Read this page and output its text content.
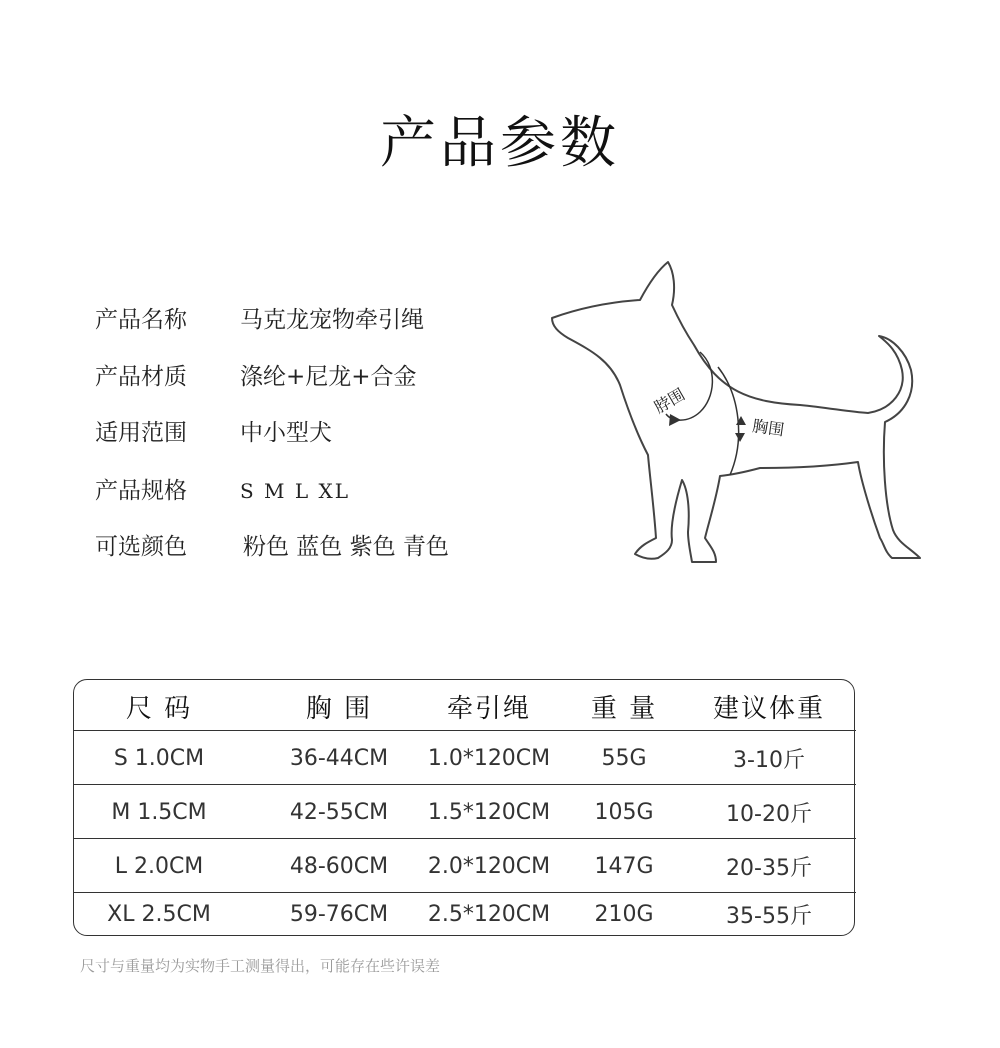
产品参数
产品名称 马克龙宠物牵引绳
产品材质 涤纶+尼龙+合金
适用范围 中小型犬
产品规格	S M L XL
可选颜色 粉色 蓝色 紫色 青色
脖围
胸围
尺 码	胸 围	牵引绳	重 量	建议体重
S 1.0CM	36-44CM	1.0*120CM	55G	3-10斤
M 1.5CM	42-55CM	1.5*120CM	105G	10-20斤
L 2.0CM	48-60CM	2.0*120CM	147G	20-35斤
XL 2.5CM	59-76CM	2.5*120CM	210G	35-55斤
尺寸与重量均为实物手工测量得出，可能存在些许误差
